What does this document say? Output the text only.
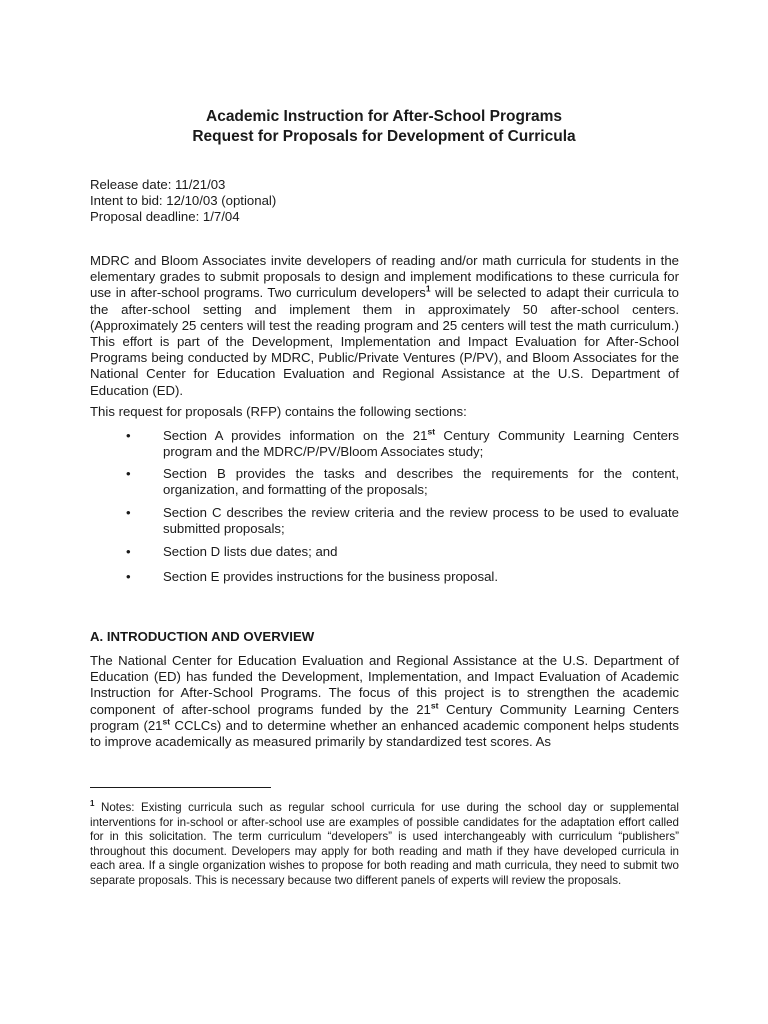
Academic Instruction for After-School Programs
Request for Proposals for Development of Curricula
Release date: 11/21/03
Intent to bid: 12/10/03 (optional)
Proposal deadline: 1/7/04
MDRC and Bloom Associates invite developers of reading and/or math curricula for students in the elementary grades to submit proposals to design and implement modifications to these curricula for use in after-school programs. Two curriculum developers$^1$ will be selected to adapt their curricula to the after-school setting and implement them in approximately 50 after-school centers. (Approximately 25 centers will test the reading program and 25 centers will test the math curriculum.) This effort is part of the Development, Implementation and Impact Evaluation for After-School Programs being conducted by MDRC, Public/Private Ventures (P/PV), and Bloom Associates for the National Center for Education Evaluation and Regional Assistance at the U.S. Department of Education (ED).
This request for proposals (RFP) contains the following sections:
• Section A provides information on the 21st Century Community Learning Centers program and the MDRC/P/PV/Bloom Associates study;
• Section B provides the tasks and describes the requirements for the content, organization, and formatting of the proposals;
• Section C describes the review criteria and the review process to be used to evaluate submitted proposals;
• Section D lists due dates; and
• Section E provides instructions for the business proposal.
A. INTRODUCTION AND OVERVIEW
The National Center for Education Evaluation and Regional Assistance at the U.S. Department of Education (ED) has funded the Development, Implementation, and Impact Evaluation of Academic Instruction for After-School Programs. The focus of this project is to strengthen the academic component of after-school programs funded by the 21st Century Community Learning Centers program (21st CCLCs) and to determine whether an enhanced academic component helps students to improve academically as measured primarily by standardized test scores. As
$^1$ Notes: Existing curricula such as regular school curricula for use during the school day or supplemental interventions for in-school or after-school use are examples of possible candidates for the adaptation effort called for in this solicitation. The term curriculum “developers” is used interchangeably with curriculum “publishers” throughout this document. Developers may apply for both reading and math if they have developed curricula in each area. If a single organization wishes to propose for both reading and math curricula, they need to submit two separate proposals. This is necessary because two different panels of experts will review the proposals.
